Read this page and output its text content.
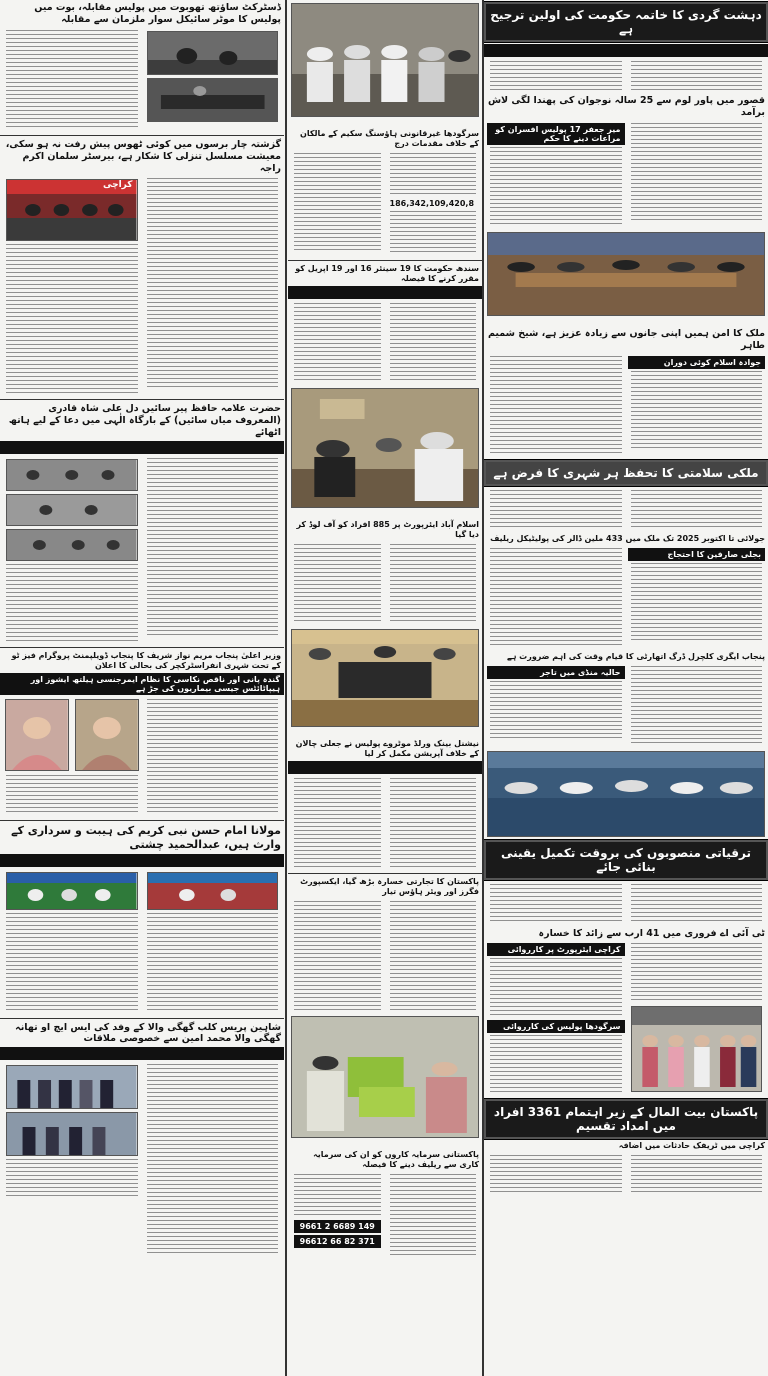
ڈسٹرکٹ ساؤتھ تھوبوت میں پولیس مقابلہ، بوت میں پولیس کا موٹر سائیکل سوار ملزمان سے مقابلہ
گزشتہ چار برسوں میں کوئی ٹھوس پیش رفت نہ ہو سکی، معیشت مسلسل تنزلی کا شکار ہے، بیرسٹر سلمان اکرم راجہ
کراچی
حضرت علامہ حافظ پیر سائیں دل علی شاہ قادری (المعروف میاں سائیں) کے بارگاہ الٰہی میں دعا کے لیے ہاتھ اٹھائے
وزیر اعلیٰ پنجاب مریم نواز شریف کا پنجاب ڈویلپمنٹ پروگرام فیز ٹو کے تحت شہری انفراسٹرکچر کی بحالی کا اعلان
گندہ پانی اور ناقص نکاسی کا نظام ایمرجنسی ہیلتھ ایشوز اور ہیپاٹائٹس جیسی بیماریوں کی جڑ ہے
مولانا امام حسن نبی کریم کی ہیبت و سرداری کے وارث ہیں، عبدالحمید چشتی
شاہین پریس کلب گھگی والا کے وفد کی ایس ایچ او تھانہ گھگی والا محمد امین سے خصوصی ملاقات
سرگودھا غیرقانونی ہاؤسنگ سکیم کے مالکان کے خلاف مقدمات درج
186,342,109,420,8
سندھ حکومت کا 19 سینئر 16 اور 19 اپریل کو مقرر کرنے کا فیصلہ
اسلام آباد ایئرپورٹ پر 885 افراد کو آف لوڈ کر دیا گیا
نیشنل بینک ورلڈ موٹروے پولیس نے جعلی چالان کے خلاف آپریشن مکمل کر لیا
پاکستان کا تجارتی خسارہ بڑھ گیا، ایکسپورٹ فگرز اور ویئر ہاؤس تیار
پاکستانی سرمایہ کاروں کو ان کی سرمایہ کاری سے ریلیف دینے کا فیصلہ
9661 2 6689 149
96612 66 82 371
دہشت گردی کا خاتمہ حکومت کی اولین ترجیح ہے
قصور میں پاور لوم سے 25 سالہ نوجوان کی پھندا لگی لاش برآمد
میر جعفر 17 پولیس افسران کو مراعات دینے کا حکم
ملک کا امن ہمیں اپنی جانوں سے زیادہ عزیز ہے، شیخ شمیم طاہر
جوادہ اسلام کوئی دوران
ملکی سلامتی کا تحفظ ہر شہری کا فرض ہے
جولائی تا اکتوبر 2025 تک ملک میں 433 ملین ڈالر کی پولیٹیکل ریلیف
بجلی صارفین کا احتجاج
پنجاب ایگری کلچرل ڈرگ اتھارٹی کا قیام وقت کی اہم ضرورت ہے
حالیہ منڈی میں تاجر
ترقیاتی منصوبوں کی بروقت تکمیل یقینی بنائی جائے
ٹی آئی اے فروری میں 41 ارب سے زائد کا خسارہ
کراچی ایئرپورٹ پر کارروائی
سرگودھا پولیس کی کارروائی
پاکستان بیت المال کے زیر اہتمام 3361 افراد میں امداد تقسیم
کراچی میں ٹریفک حادثات میں اضافہ
